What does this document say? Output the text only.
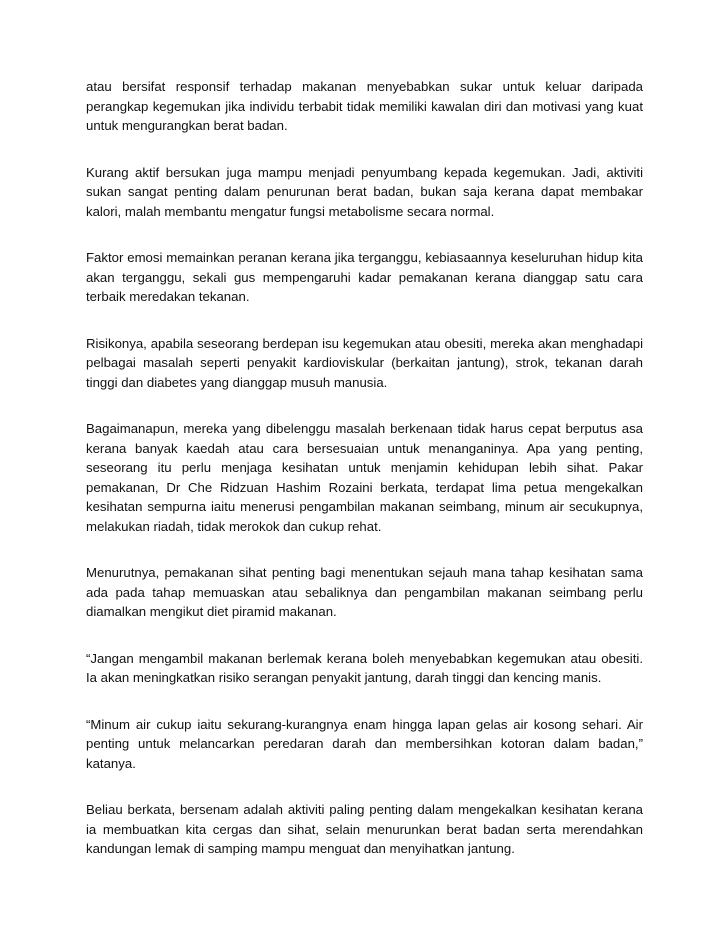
atau bersifat responsif terhadap makanan menyebabkan sukar untuk keluar daripada perangkap kegemukan jika individu terbabit tidak memiliki kawalan diri dan motivasi yang kuat untuk mengurangkan berat badan.

Kurang aktif bersukan juga mampu menjadi penyumbang kepada kegemukan. Jadi, aktiviti sukan sangat penting dalam penurunan berat badan, bukan saja kerana dapat membakar kalori, malah membantu mengatur fungsi metabolisme secara normal.

Faktor emosi memainkan peranan kerana jika terganggu, kebiasaannya keseluruhan hidup kita akan terganggu, sekali gus mempengaruhi kadar pemakanan kerana dianggap satu cara terbaik meredakan tekanan.

Risikonya, apabila seseorang berdepan isu kegemukan atau obesiti, mereka akan menghadapi pelbagai masalah seperti penyakit kardioviskular (berkaitan jantung), strok, tekanan darah tinggi dan diabetes yang dianggap musuh manusia.

Bagaimanapun, mereka yang dibelenggu masalah berkenaan tidak harus cepat berputus asa kerana banyak kaedah atau cara bersesuaian untuk menanganinya. Apa yang penting, seseorang itu perlu menjaga kesihatan untuk menjamin kehidupan lebih sihat. Pakar pemakanan, Dr Che Ridzuan Hashim Rozaini berkata, terdapat lima petua mengekalkan kesihatan sempurna iaitu menerusi pengambilan makanan seimbang, minum air secukupnya, melakukan riadah, tidak merokok dan cukup rehat.

Menurutnya, pemakanan sihat penting bagi menentukan sejauh mana tahap kesihatan sama ada pada tahap memuaskan atau sebaliknya dan pengambilan makanan seimbang perlu diamalkan mengikut diet piramid makanan.

“Jangan mengambil makanan berlemak kerana boleh menyebabkan kegemukan atau obesiti. Ia akan meningkatkan risiko serangan penyakit jantung, darah tinggi dan kencing manis.

“Minum air cukup iaitu sekurang-kurangnya enam hingga lapan gelas air kosong sehari. Air penting untuk melancarkan peredaran darah dan membersihkan kotoran dalam badan,” katanya.

Beliau berkata, bersenam adalah aktiviti paling penting dalam mengekalkan kesihatan kerana ia membuatkan kita cergas dan sihat, selain menurunkan berat badan serta merendahkan kandungan lemak di samping mampu menguat dan menyihatkan jantung.
